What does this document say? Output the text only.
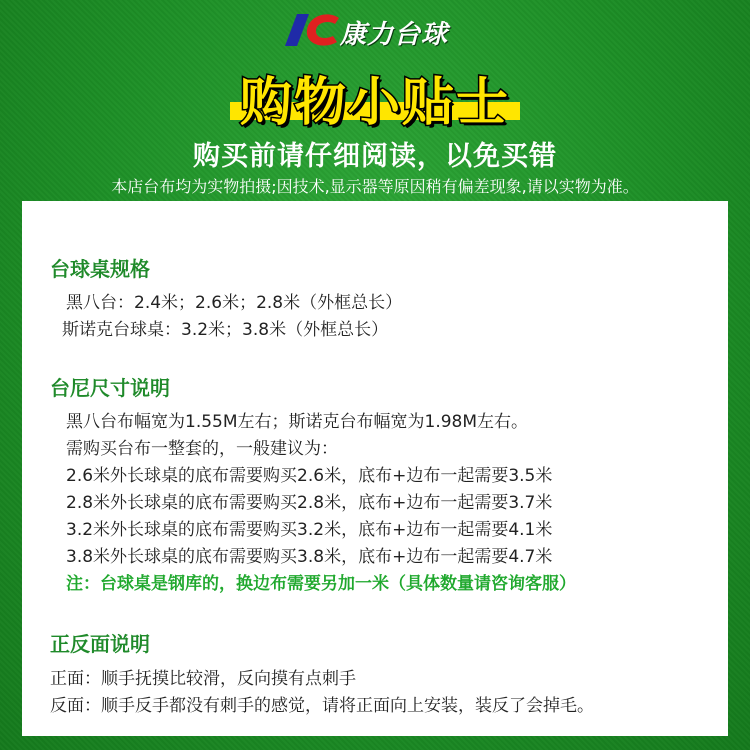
康力台球
购物小贴士
购买前请仔细阅读，以免买错
本店台布均为实物拍摄;因技术,显示器等原因稍有偏差现象,请以实物为准。
台球桌规格
黑八台：2.4米；2.6米；2.8米（外框总长）
斯诺克台球桌：3.2米；3.8米（外框总长）
台尼尺寸说明
黑八台布幅宽为1.55M左右；斯诺克台布幅宽为1.98M左右。
需购买台布一整套的，一般建议为：
2.6米外长球桌的底布需要购买2.6米，底布+边布一起需要3.5米
2.8米外长球桌的底布需要购买2.8米，底布+边布一起需要3.7米
3.2米外长球桌的底布需要购买3.2米，底布+边布一起需要4.1米
3.8米外长球桌的底布需要购买3.8米，底布+边布一起需要4.7米
注：台球桌是钢库的，换边布需要另加一米（具体数量请咨询客服）
正反面说明
正面：顺手抚摸比较滑，反向摸有点刺手
反面：顺手反手都没有刺手的感觉，请将正面向上安装，装反了会掉毛。
